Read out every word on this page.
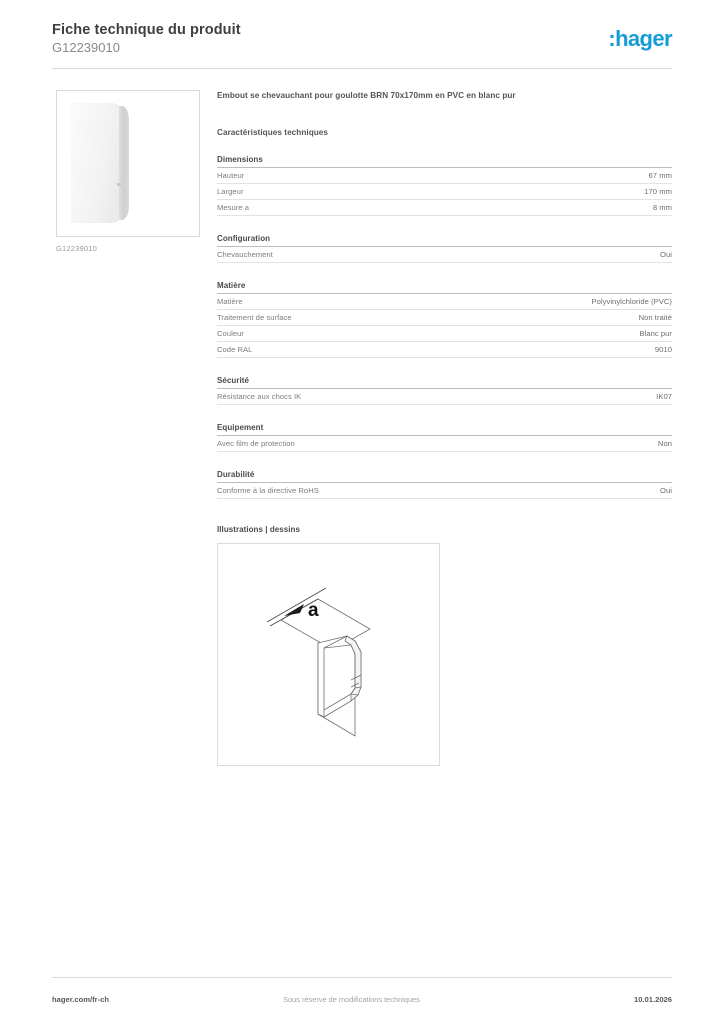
Fiche technique du produit
G12239010	:hager
G12239010

Embout se chevauchant pour goulotte BRN 70x170mm en PVC en blanc pur

Caractéristiques techniques
Dimensions
Hauteur	67 mm
Largeur	170 mm
Mesure a	8 mm
Configuration
Chevauchement	Oui
Matière
Matière	Polyvinylchloride (PVC)
Traitement de surface	Non traité
Couleur	Blanc pur
Code RAL	9010
Sécurité
Résistance aux chocs IK	IK07
Equipement
Avec film de protection	Non
Durabilité
Conforme à la directive RoHS	Oui
Illustrations | dessins
a
hager.com/fr-ch	Sous réserve de modifications techniques	10.01.2026
